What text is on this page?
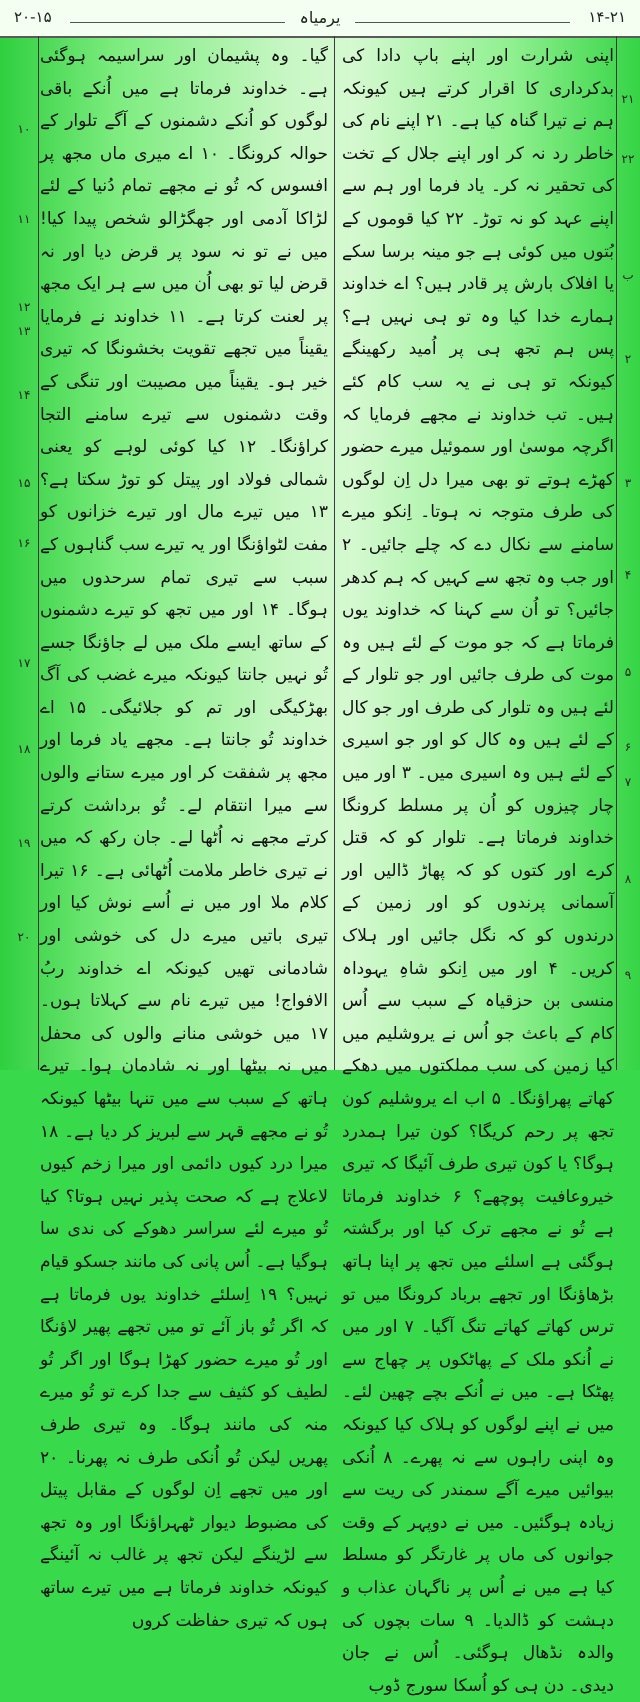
۲۰-۱۵	یرمیاہ	۱۴-۲۱

اپنی شرارت اور اپنے باپ دادا کی بدکرداری کا اقرار کرتے ہیں کیونکہ ہم نے تیرا گناہ کیا ہے۔ ۲۱ اپنے نام کی خاطر رد نہ کر اور اپنے جلال کے تخت کی تحقیر نہ کر۔ یاد فرما اور ہم سے اپنے عہد کو نہ توڑ۔ ۲۲ کیا قوموں کے بُتوں میں کوئی ہے جو مینہ برسا سکے یا افلاک بارش پر قادر ہیں؟ اے خداوند ہمارے خدا کیا وہ تو ہی نہیں ہے؟ پس ہم تجھ ہی پر اُمید رکھینگے کیونکہ تو ہی نے یہ سب کام کئے ہیں۔ تب خداوند نے مجھے فرمایا کہ اگرچہ موسیٰ اور سموئیل میرے حضور کھڑے ہوتے تو بھی میرا دل اِن لوگوں کی طرف متوجہ نہ ہوتا۔ اِنکو میرے سامنے سے نکال دے کہ چلے جائیں۔ ۲ اور جب وہ تجھ سے کہیں کہ ہم کدھر جائیں؟ تو اُن سے کہنا کہ خداوند یوں فرماتا ہے کہ جو موت کے لئے ہیں وہ موت کی طرف جائیں اور جو تلوار کے لئے ہیں وہ تلوار کی طرف اور جو کال کے لئے ہیں وہ کال کو اور جو اسیری کے لئے ہیں وہ اسیری میں۔ ۳ اور میں چار چیزوں کو اُن پر مسلط کرونگا خداوند فرماتا ہے۔ تلوار کو کہ قتل کرے اور کتوں کو کہ پھاڑ ڈالیں اور آسمانی پرندوں کو اور زمین کے درندوں کو کہ نگل جائیں اور ہلاک کریں۔ ۴ اور میں اِنکو شاہِ یہوداہ منسی بن حزقیاہ کے سبب سے اُس کام کے باعث جو اُس نے یروشلیم میں کیا زمین کی سب مملکتوں میں دھکے کھاتے پھراؤنگا۔ ۵ اب اے یروشلیم کون تجھ پر رحم کریگا؟ کون تیرا ہمدرد ہوگا؟ یا کون تیری طرف آئیگا کہ تیری خیروعافیت پوچھے؟ ۶ خداوند فرماتا ہے تُو نے مجھے ترک کیا اور برگشتہ ہوگئی ہے اسلئے میں تجھ پر اپنا ہاتھ بڑھاؤنگا اور تجھے برباد کرونگا میں تو ترس کھاتے کھاتے تنگ آگیا۔ ۷ اور میں نے اُنکو ملک کے پھاٹکوں پر چھاج سے پھٹکا ہے۔ میں نے اُنکے بچے چھین لئے۔ میں نے اپنے لوگوں کو ہلاک کیا کیونکہ وہ اپنی راہوں سے نہ پھرے۔ ۸ اُنکی بیوائیں میرے آگے سمندر کی ریت سے زیادہ ہوگئیں۔ میں نے دوپہر کے وقت جوانوں کی ماں پر غارتگر کو مسلط کیا ہے میں نے اُس پر ناگہان عذاب و دہشت کو ڈالدیا۔ ۹ سات بچوں کی والدہ نڈھال ہوگئی۔ اُس نے جان دیدی۔ دن ہی کو اُسکا سورج ڈوب

گیا۔ وہ پشیمان اور سراسیمہ ہوگئی ہے۔ خداوند فرماتا ہے میں اُنکے باقی لوگوں کو اُنکے دشمنوں کے آگے تلوار کے حوالہ کرونگا۔ ۱۰ اے میری ماں مجھ پر افسوس کہ تُو نے مجھے تمام دُنیا کے لئے لڑاکا آدمی اور جھگڑالو شخص پیدا کیا! میں نے تو نہ سود پر قرض دیا اور نہ قرض لیا تو بھی اُن میں سے ہر ایک مجھ پر لعنت کرتا ہے۔ ۱۱ خداوند نے فرمایا یقیناً میں تجھے تقویت بخشونگا کہ تیری خیر ہو۔ یقیناً میں مصیبت اور تنگی کے وقت دشمنوں سے تیرے سامنے التجا کراؤنگا۔ ۱۲ کیا کوئی لوہے کو یعنی شمالی فولاد اور پیتل کو توڑ سکتا ہے؟ ۱۳ میں تیرے مال اور تیرے خزانوں کو مفت لٹواؤنگا اور یہ تیرے سب گناہوں کے سبب سے تیری تمام سرحدوں میں ہوگا۔ ۱۴ اور میں تجھ کو تیرے دشمنوں کے ساتھ ایسے ملک میں لے جاؤنگا جسے تُو نہیں جانتا کیونکہ میرے غضب کی آگ بھڑکیگی اور تم کو جلائیگی۔ ۱۵ اے خداوند تُو جانتا ہے۔ مجھے یاد فرما اور مجھ پر شفقت کر اور میرے ستانے والوں سے میرا انتقام لے۔ تُو برداشت کرتے کرتے مجھے نہ اُٹھا لے۔ جان رکھ کہ میں نے تیری خاطر ملامت اُٹھائی ہے۔ ۱۶ تیرا کلام ملا اور میں نے اُسے نوش کیا اور تیری باتیں میرے دل کی خوشی اور شادمانی تھیں کیونکہ اے خداوند ربُ الافواج! میں تیرے نام سے کہلاتا ہوں۔ ۱۷ میں خوشی منانے والوں کی محفل میں نہ بیٹھا اور نہ شادمان ہوا۔ تیرے ہاتھ کے سبب سے میں تنہا بیٹھا کیونکہ تُو نے مجھے قہر سے لبریز کر دیا ہے۔ ۱۸ میرا درد کیوں دائمی اور میرا زخم کیوں لاعلاج ہے کہ صحت پذیر نہیں ہوتا؟ کیا تُو میرے لئے سراسر دھوکے کی ندی سا ہوگیا ہے۔ اُس پانی کی مانند جسکو قیام نہیں؟ ۱۹ اِسلئے خداوند یوں فرماتا ہے کہ اگر تُو باز آئے تو میں تجھے پھیر لاؤنگا اور تُو میرے حضور کھڑا ہوگا اور اگر تُو لطیف کو کثیف سے جدا کرے تو تُو میرے منہ کی مانند ہوگا۔ وہ تیری طرف پھریں لیکن تُو اُنکی طرف نہ پھرنا۔ ۲۰ اور میں تجھے اِن لوگوں کے مقابل پیتل کی مضبوط دیوار ٹھہراؤنگا اور وہ تجھ سے لڑینگے لیکن تجھ پر غالب نہ آئینگے کیونکہ خداوند فرماتا ہے میں تیرے ساتھ ہوں کہ تیری حفاظت کروں

۲۱
۲۲
ب
۲
۳
۴
۵
۶
۷
۸
۹
۱۰
۱۱
۱۲
۱۳
۱۴
۱۵
۱۶
۱۷
۱۸
۱۹
۲۰
